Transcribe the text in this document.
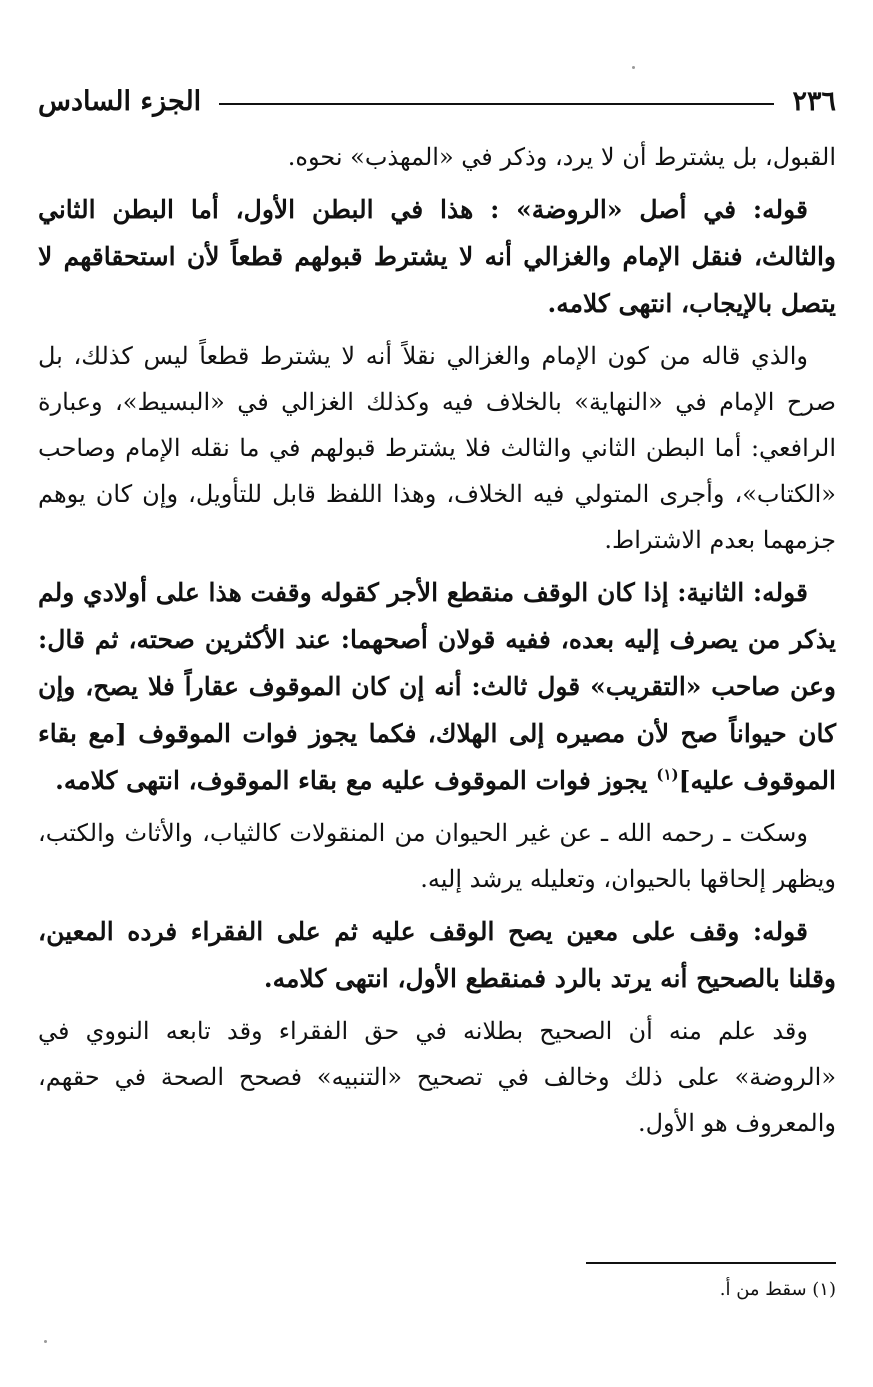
٢٣٦
الجزء السادس

القبول، بل يشترط أن لا يرد، وذكر في «المهذب» نحوه.

قوله: في أصل «الروضة» : هذا في البطن الأول، أما البطن الثاني والثالث، فنقل الإمام والغزالي أنه لا يشترط قبولهم قطعاً لأن استحقاقهم لا يتصل بالإيجاب، انتهى كلامه.

والذي قاله من كون الإمام والغزالي نقلاً أنه لا يشترط قطعاً ليس كذلك، بل صرح الإمام في «النهاية» بالخلاف فيه وكذلك الغزالي في «البسيط»، وعبارة الرافعي: أما البطن الثاني والثالث فلا يشترط قبولهم في ما نقله الإمام وصاحب «الكتاب»، وأجرى المتولي فيه الخلاف، وهذا اللفظ قابل للتأويل، وإن كان يوهم جزمهما بعدم الاشتراط.

قوله: الثانية: إذا كان الوقف منقطع الأجر كقوله وقفت هذا على أولادي ولم يذكر من يصرف إليه بعده، ففيه قولان أصحهما: عند الأكثرين صحته، ثم قال: وعن صاحب «التقريب» قول ثالث: أنه إن كان الموقوف عقاراً فلا يصح، وإن كان حيواناً صح لأن مصيره إلى الهلاك، فكما يجوز فوات الموقوف [مع بقاء الموقوف عليه]$^{(١)}$ يجوز فوات الموقوف عليه مع بقاء الموقوف، انتهى كلامه.

وسكت ـ رحمه الله ـ عن غير الحيوان من المنقولات كالثياب، والأثاث والكتب، ويظهر إلحاقها بالحيوان، وتعليله يرشد إليه.

قوله: وقف على معين يصح الوقف عليه ثم على الفقراء فرده المعين، وقلنا بالصحيح أنه يرتد بالرد فمنقطع الأول، انتهى كلامه.

وقد علم منه أن الصحيح بطلانه في حق الفقراء وقد تابعه النووي في «الروضة» على ذلك وخالف في تصحيح «التنبيه» فصحح الصحة في حقهم، والمعروف هو الأول.

(١) سقط من أ.
